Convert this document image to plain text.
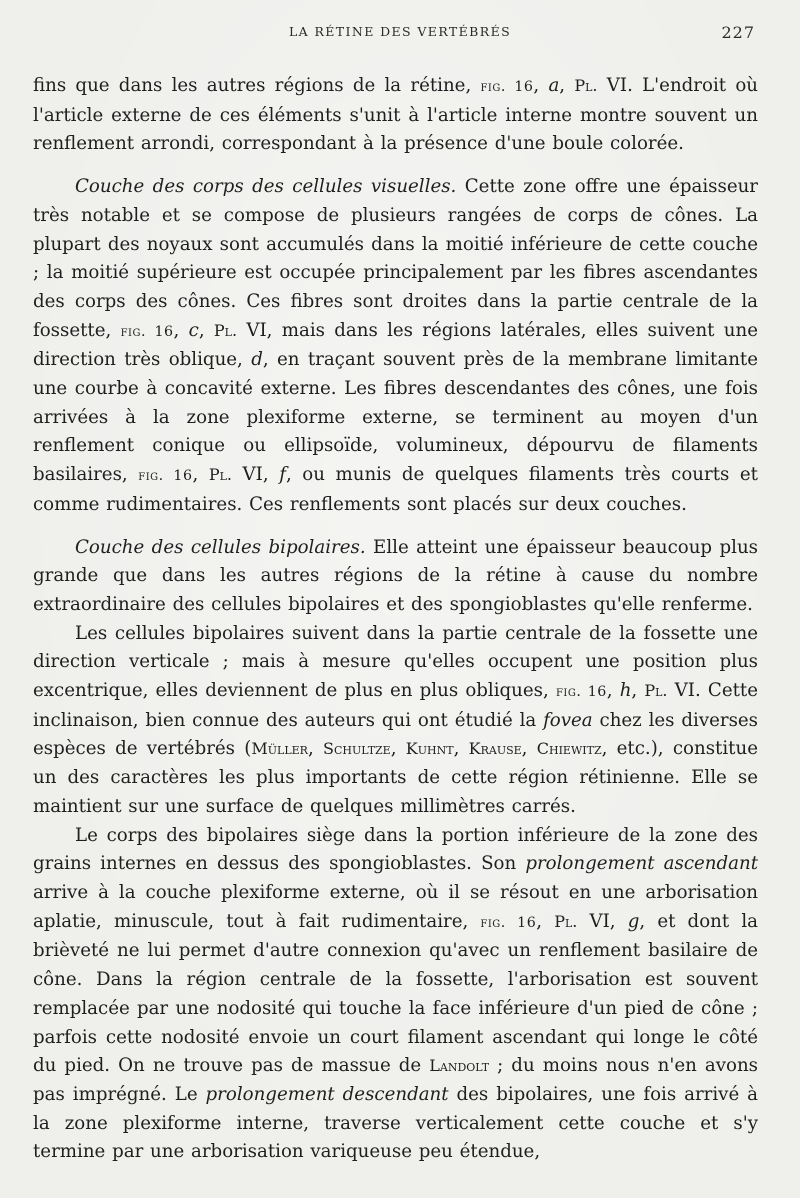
LA RÉTINE DES VERTÉBRÉS	227

fins que dans les autres régions de la rétine, fig. 16, a, Pl. VI. L'endroit où l'article externe de ces éléments s'unit à l'article interne montre souvent un renflement arrondi, correspondant à la présence d'une boule colorée.

Couche des corps des cellules visuelles. Cette zone offre une épaisseur très notable et se compose de plusieurs rangées de corps de cônes. La plupart des noyaux sont accumulés dans la moitié inférieure de cette couche ; la moitié supérieure est occupée principalement par les fibres ascendantes des corps des cônes. Ces fibres sont droites dans la partie centrale de la fossette, fig. 16, c, Pl. VI, mais dans les régions latérales, elles suivent une direction très oblique, d, en traçant souvent près de la membrane limitante une courbe à concavité externe. Les fibres descendantes des cônes, une fois arrivées à la zone plexiforme externe, se terminent au moyen d'un renflement conique ou ellipsoïde, volumineux, dépourvu de filaments basilaires, fig. 16, Pl. VI, f, ou munis de quelques filaments très courts et comme rudimentaires. Ces renflements sont placés sur deux couches.

Couche des cellules bipolaires. Elle atteint une épaisseur beaucoup plus grande que dans les autres régions de la rétine à cause du nombre extraordinaire des cellules bipolaires et des spongioblastes qu'elle renferme.

Les cellules bipolaires suivent dans la partie centrale de la fossette une direction verticale ; mais à mesure qu'elles occupent une position plus excentrique, elles deviennent de plus en plus obliques, fig. 16, h, Pl. VI. Cette inclinaison, bien connue des auteurs qui ont étudié la fovea chez les diverses espèces de vertébrés (Müller, Schultze, Kuhnt, Krause, Chiewitz, etc.), constitue un des caractères les plus importants de cette région rétinienne. Elle se maintient sur une surface de quelques millimètres carrés.

Le corps des bipolaires siège dans la portion inférieure de la zone des grains internes en dessus des spongioblastes. Son prolongement ascendant arrive à la couche plexiforme externe, où il se résout en une arborisation aplatie, minuscule, tout à fait rudimentaire, fig. 16, Pl. VI, g, et dont la brièveté ne lui permet d'autre connexion qu'avec un renflement basilaire de cône. Dans la région centrale de la fossette, l'arborisation est souvent remplacée par une nodosité qui touche la face inférieure d'un pied de cône ; parfois cette nodosité envoie un court filament ascendant qui longe le côté du pied. On ne trouve pas de massue de Landolt ; du moins nous n'en avons pas imprégné. Le prolongement descendant des bipolaires, une fois arrivé à la zone plexiforme interne, traverse verticalement cette couche et s'y termine par une arborisation variqueuse peu étendue,
